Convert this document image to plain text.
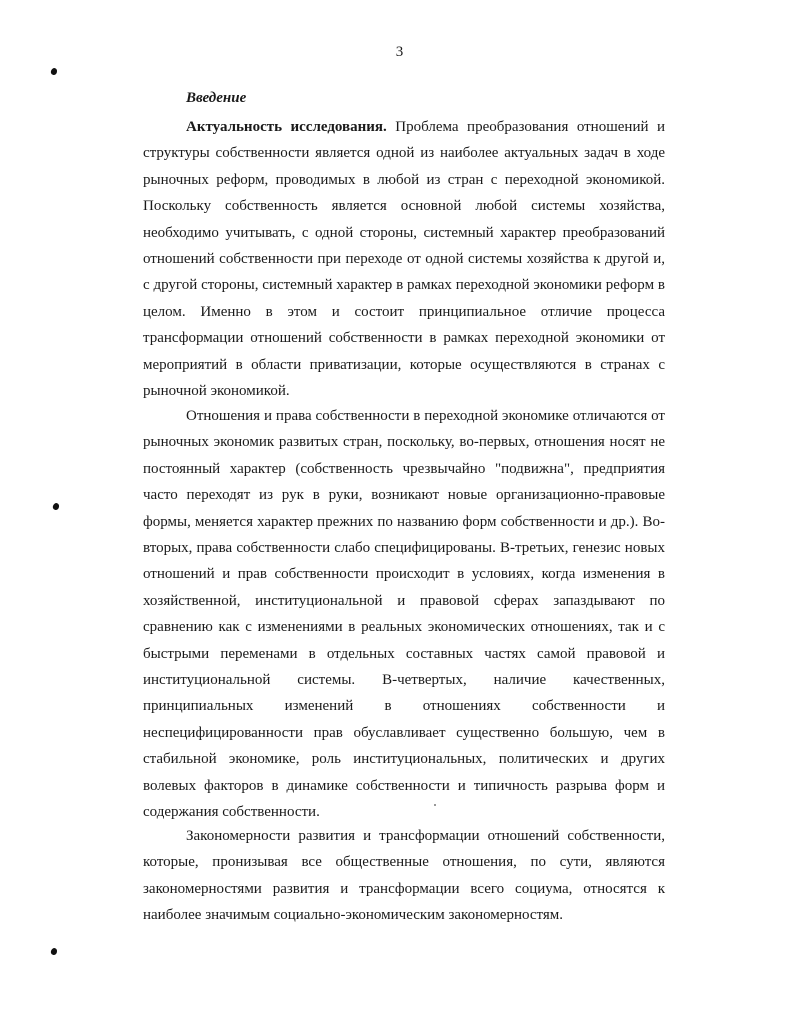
3
Введение

Актуальность исследования. Проблема преобразования отношений и структуры собственности является одной из наиболее актуальных задач в ходе рыночных реформ, проводимых в любой из стран с переходной экономикой. Поскольку собственность является основной любой системы хозяйства, необходимо учитывать, с одной стороны, системный характер преобразований отношений собственности при переходе от одной системы хозяйства к другой и, с другой стороны, системный характер в рамках переходной экономики реформ в целом. Именно в этом и состоит принципиальное отличие процесса трансформации отношений собственности в рамках переходной экономики от мероприятий в области приватизации, которые осуществляются в странах с рыночной экономикой.

Отношения и права собственности в переходной экономике отличаются от рыночных экономик развитых стран, поскольку, во-первых, отношения носят не постоянный характер (собственность чрезвычайно "подвижна", предприятия часто переходят из рук в руки, возникают новые организационно-правовые формы, меняется характер прежних по названию форм собственности и др.). Во-вторых, права собственности слабо специфицированы. В-третьих, генезис новых отношений и прав собственности происходит в условиях, когда изменения в хозяйственной, институциональной и правовой сферах запаздывают по сравнению как с изменениями в реальных экономических отношениях, так и с быстрыми переменами в отдельных составных частях самой правовой и институциональной системы. В-четвертых, наличие качественных, принципиальных изменений в отношениях собственности и неспецифицированности прав обуславливает существенно большую, чем в стабильной экономике, роль институциональных, политических и других волевых факторов в динамике собственности и типичность разрыва форм и содержания собственности.

Закономерности развития и трансформации отношений собственности, которые, пронизывая все общественные отношения, по сути, являются закономерностями развития и трансформации всего социума, относятся к наиболее значимым социально-экономическим закономерностям.
